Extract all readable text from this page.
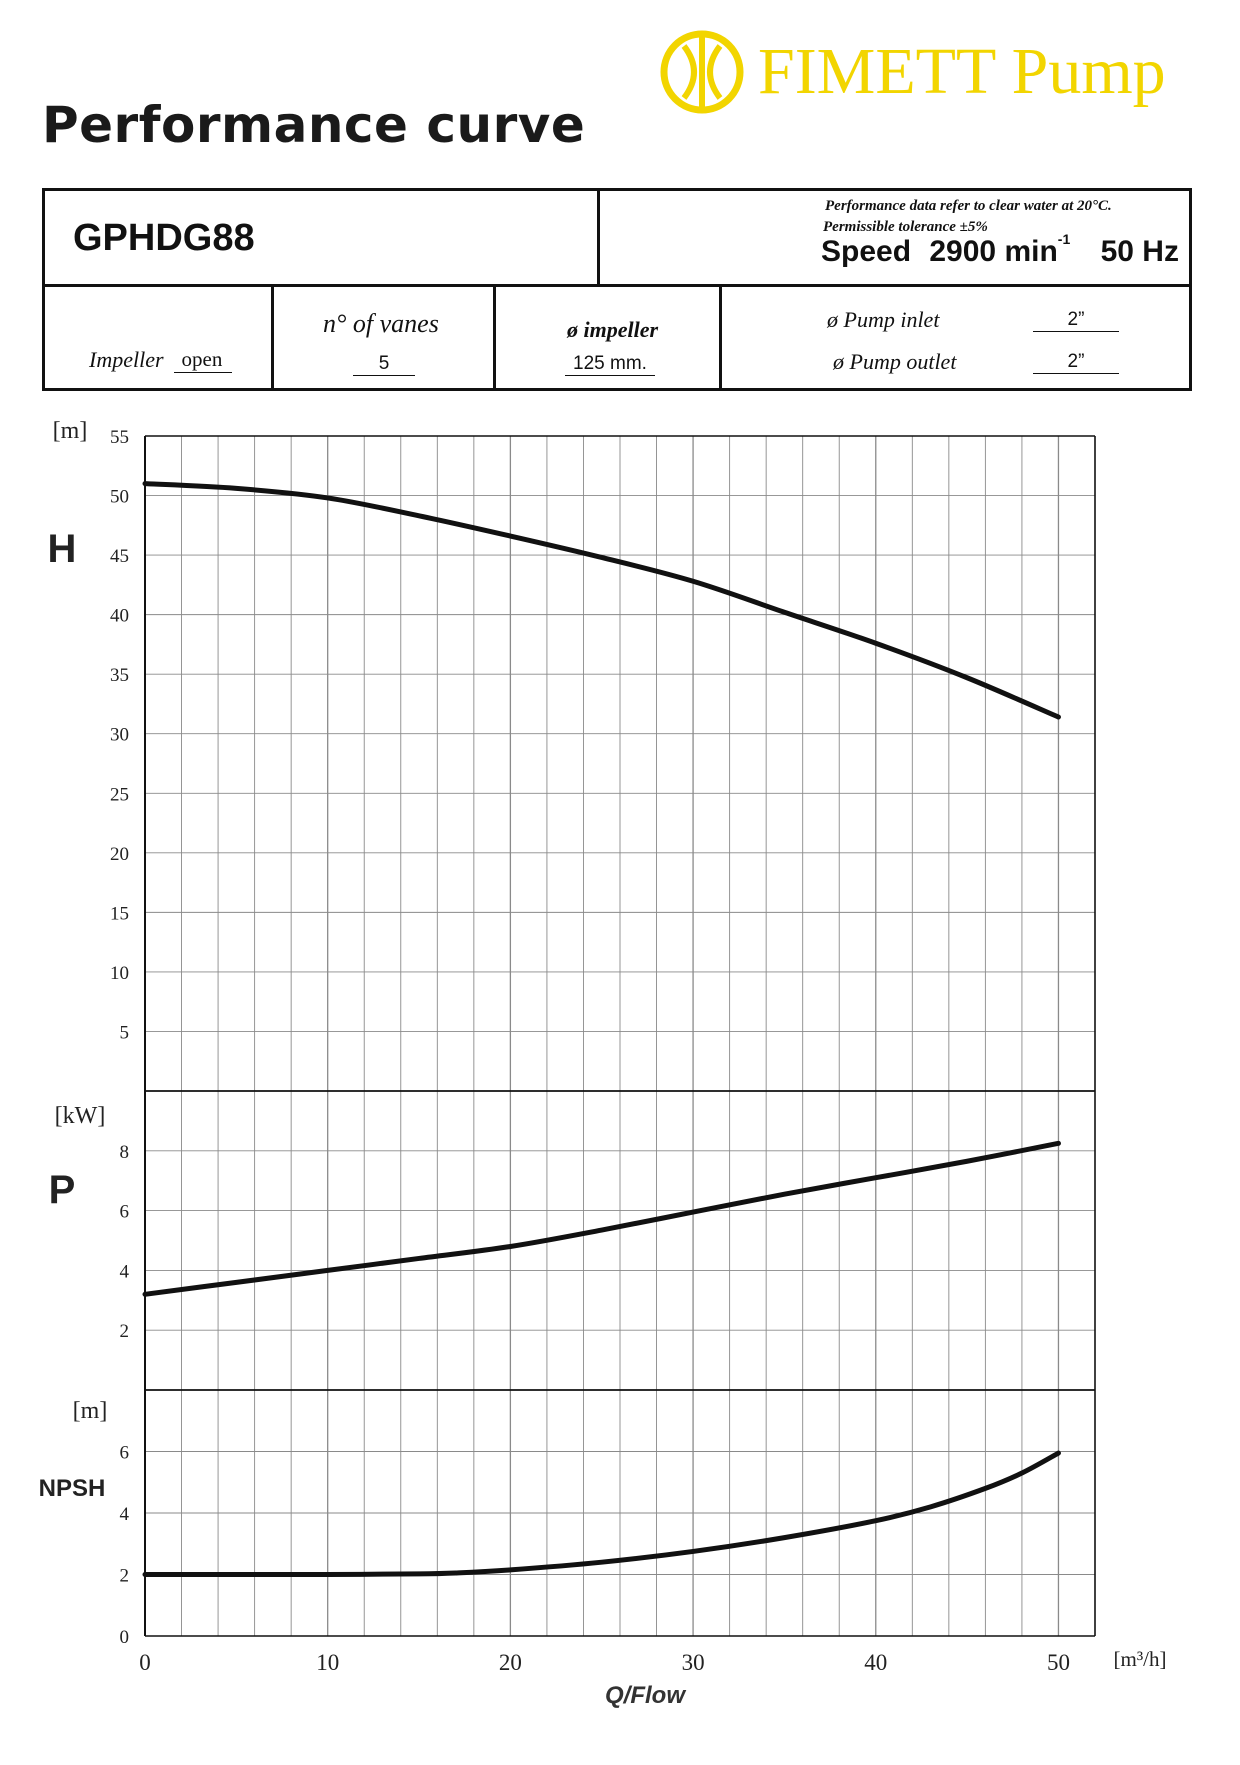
Performance curve
FIMETT Pump
GPHDG88
Performance data refer to clear water at 20°C.
Permissible tolerance ±5%
Speed 2900 $\min^{-1} 50$ Hz
Impeller open
n° of vanes
5
ø impeller
125 mm.
ø Pump inlet	2”
ø Pump outlet	2”
5
10
15
20
25
30
35
40
45
50
55
[m]
H
2
4
6
8
[kW]
P
0
2
4
6
[m]
NPSH
0	10	20	30	40	50 [m³/h]
Q/Flow
